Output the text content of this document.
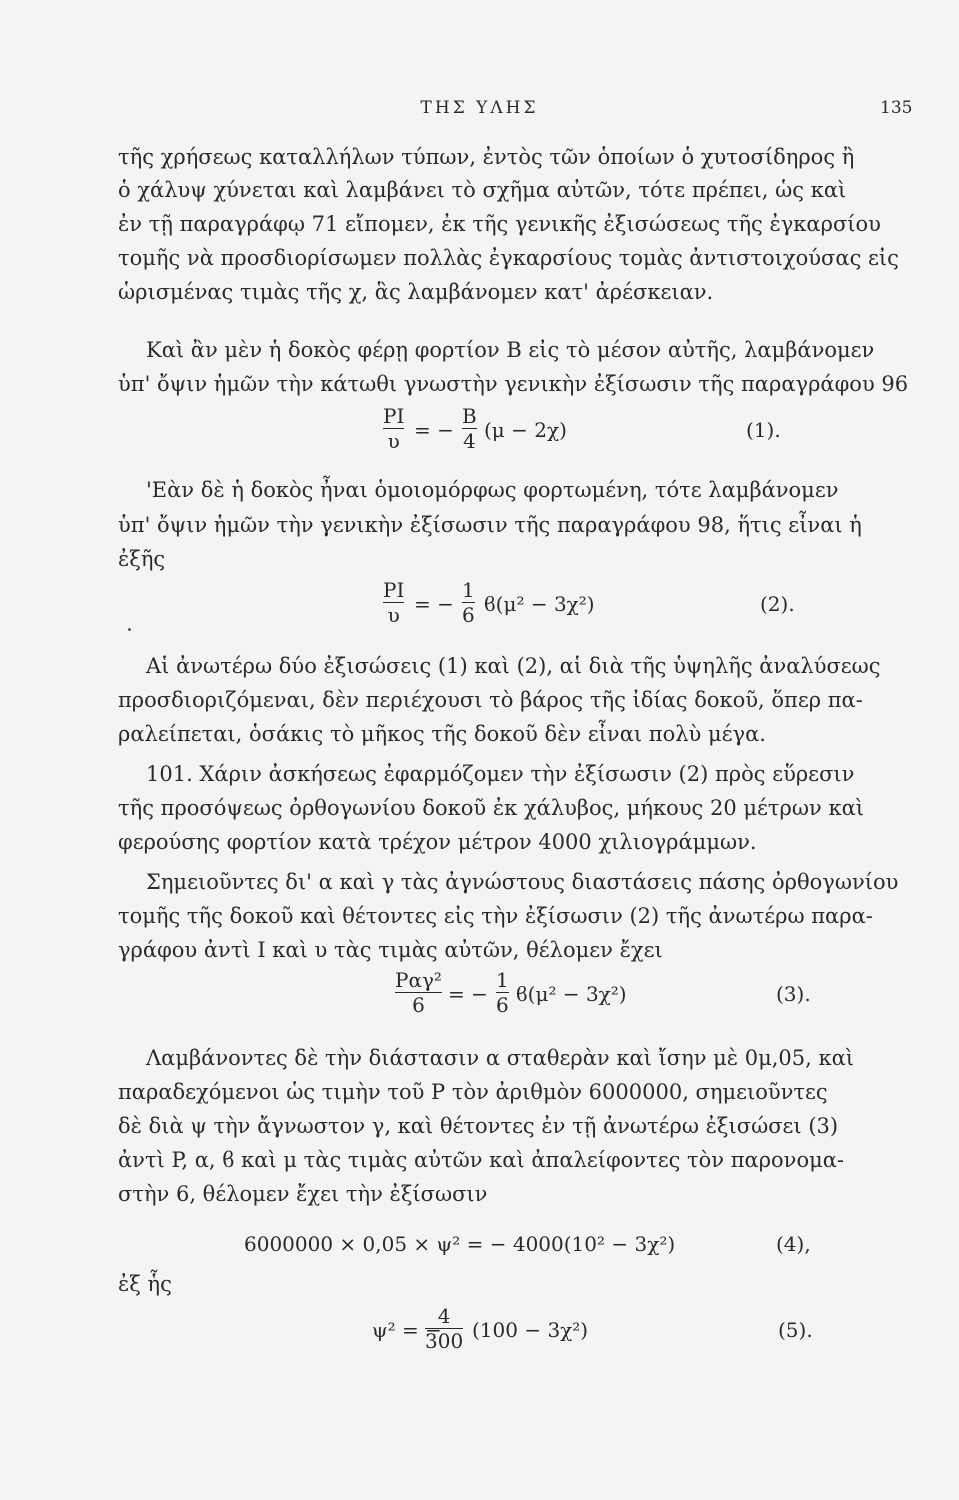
ΤΗΣ ΥΛΗΣ	135
τῆς χρήσεως καταλλήλων τύπων, ἐντὸς τῶν ὁποίων ὁ χυτοσίδηρος ἢ
ὁ χάλυψ χύνεται καὶ λαμβάνει τὸ σχῆμα αὐτῶν, τότε πρέπει, ὡς καὶ
ἐν τῇ παραγράφῳ 71 εἴπομεν, ἐκ τῆς γενικῆς ἐξισώσεως τῆς ἐγκαρσίου
τομῆς νὰ προσδιορίσωμεν πολλὰς ἐγκαρσίους τομὰς ἀντιστοιχούσας εἰς
ὡρισμένας τιμὰς τῆς χ, ἃς λαμβάνομεν κατ' ἀρέσκειαν.
Καὶ ἂν μὲν ἡ δοκὸς φέρῃ φορτίον Β εἰς τὸ μέσον αὐτῆς, λαμβάνομεν
ὑπ' ὄψιν ἡμῶν τὴν κάτωθι γνωστὴν γενικὴν ἐξίσωσιν τῆς παραγράφου 96
PI
υ = −
B
4 (μ − 2χ)	(1).
'Εὰν δὲ ἡ δοκὸς ἦναι ὁμοιομόρφως φορτωμένη, τότε λαμβάνομεν
ὑπ' ὄψιν ἡμῶν τὴν γενικὴν ἐξίσωσιν τῆς παραγράφου 98, ἥτις εἶναι ἡ
ἐξῆς
PI
υ = −
1
6 ϐ(μ² − 3χ²)	(2).
Αἱ ἀνωτέρω δύο ἐξισώσεις (1) καὶ (2), αἱ διὰ τῆς ὑψηλῆς ἀναλύσεως
προσδιοριζόμεναι, δὲν περιέχουσι τὸ βάρος τῆς ἰδίας δοκοῦ, ὅπερ πα-
ραλείπεται, ὁσάκις τὸ μῆκος τῆς δοκοῦ δὲν εἶναι πολὺ μέγα.
101. Χάριν ἀσκήσεως ἐφαρμόζομεν τὴν ἐξίσωσιν (2) πρὸς εὕρεσιν
τῆς προσόψεως ὀρθογωνίου δοκοῦ ἐκ χάλυβος, μήκους 20 μέτρων καὶ
φερούσης φορτίον κατὰ τρέχον μέτρον 4000 χιλιογράμμων.
Σημειοῦντες δι' α καὶ γ τὰς ἀγνώστους διαστάσεις πάσης ὀρθογωνίου
τομῆς τῆς δοκοῦ καὶ θέτοντες εἰς τὴν ἐξίσωσιν (2) τῆς ἀνωτέρω παρα-
γράφου ἀντὶ Ι καὶ υ τὰς τιμὰς αὐτῶν, θέλομεν ἔχει
Pαγ²
6 = −
1
6 ϐ(μ² − 3χ²)	(3).
Λαμβάνοντες δὲ τὴν διάστασιν α σταθερὰν καὶ ἴσην μὲ 0μ,05, καὶ
παραδεχόμενοι ὡς τιμὴν τοῦ P τὸν ἀριθμὸν 6000000, σημειοῦντες
δὲ διὰ ψ τὴν ἄγνωστον γ, καὶ θέτοντες ἐν τῇ ἀνωτέρω ἐξισώσει (3)
ἀντὶ P, α, ϐ καὶ μ τὰς τιμὰς αὐτῶν καὶ ἀπαλείφοντες τὸν παρονομα-
στὴν 6, θέλομεν ἔχει τὴν ἐξίσωσιν
6000000 × 0,05 × ψ² = − 4000(10² − 3χ²)	(4),
ἐξ ἧς
ψ² = −
4
300 (100 − 3χ²)	(5).
